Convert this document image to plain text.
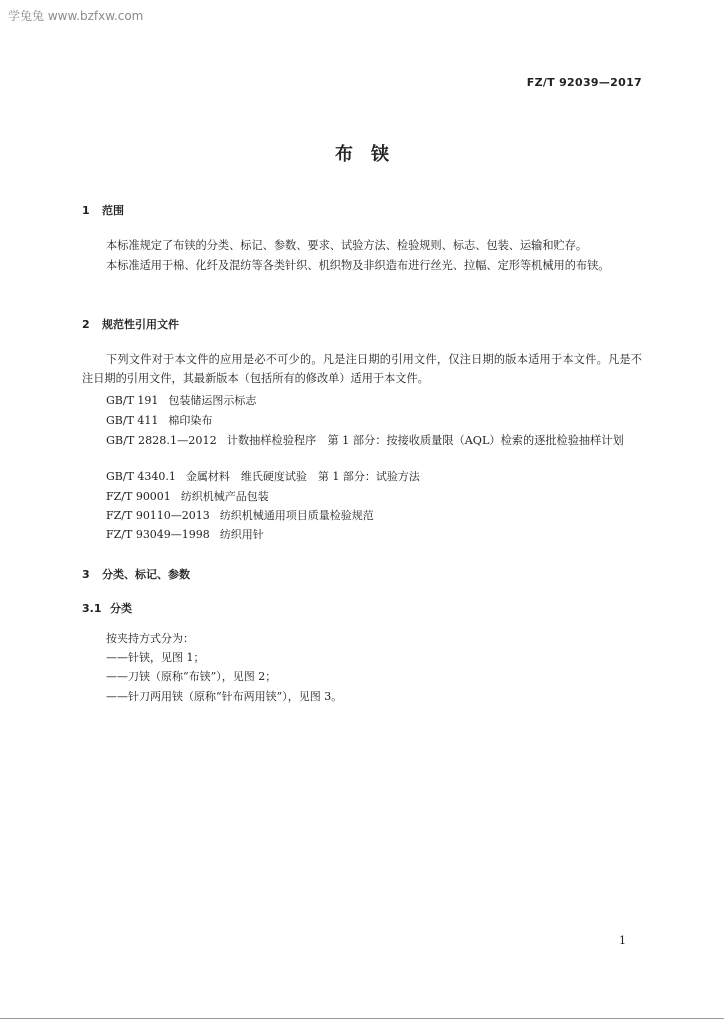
学兔兔 www.bzfxw.com
FZ/T 92039—2017
布　铗
1 范围
本标准规定了布铗的分类、标记、参数、要求、试验方法、检验规则、标志、包装、运输和贮存。
本标准适用于棉、化纤及混纺等各类针织、机织物及非织造布进行丝光、拉幅、定形等机械用的布铗。
2 规范性引用文件
下列文件对于本文件的应用是必不可少的。凡是注日期的引用文件，仅注日期的版本适用于本文件。凡是不注日期的引用文件，其最新版本（包括所有的修改单）适用于本文件。
GB/T 191 包装储运图示标志
GB/T 411 棉印染布
GB/T 2828.1—2012 计数抽样检验程序　第 1 部分：按接收质量限（AQL）检索的逐批检验抽样计划
GB/T 4340.1 金属材料　维氏硬度试验　第 1 部分：试验方法
FZ/T 90001 纺织机械产品包装
FZ/T 90110—2013 纺织机械通用项目质量检验规范
FZ/T 93049—1998 纺织用针
3 分类、标记、参数
3.1 分类
按夹持方式分为：
——针铗，见图 1；
——刀铗（原称“布铗”），见图 2；
——针刀两用铗（原称“针布两用铗”），见图 3。
1
